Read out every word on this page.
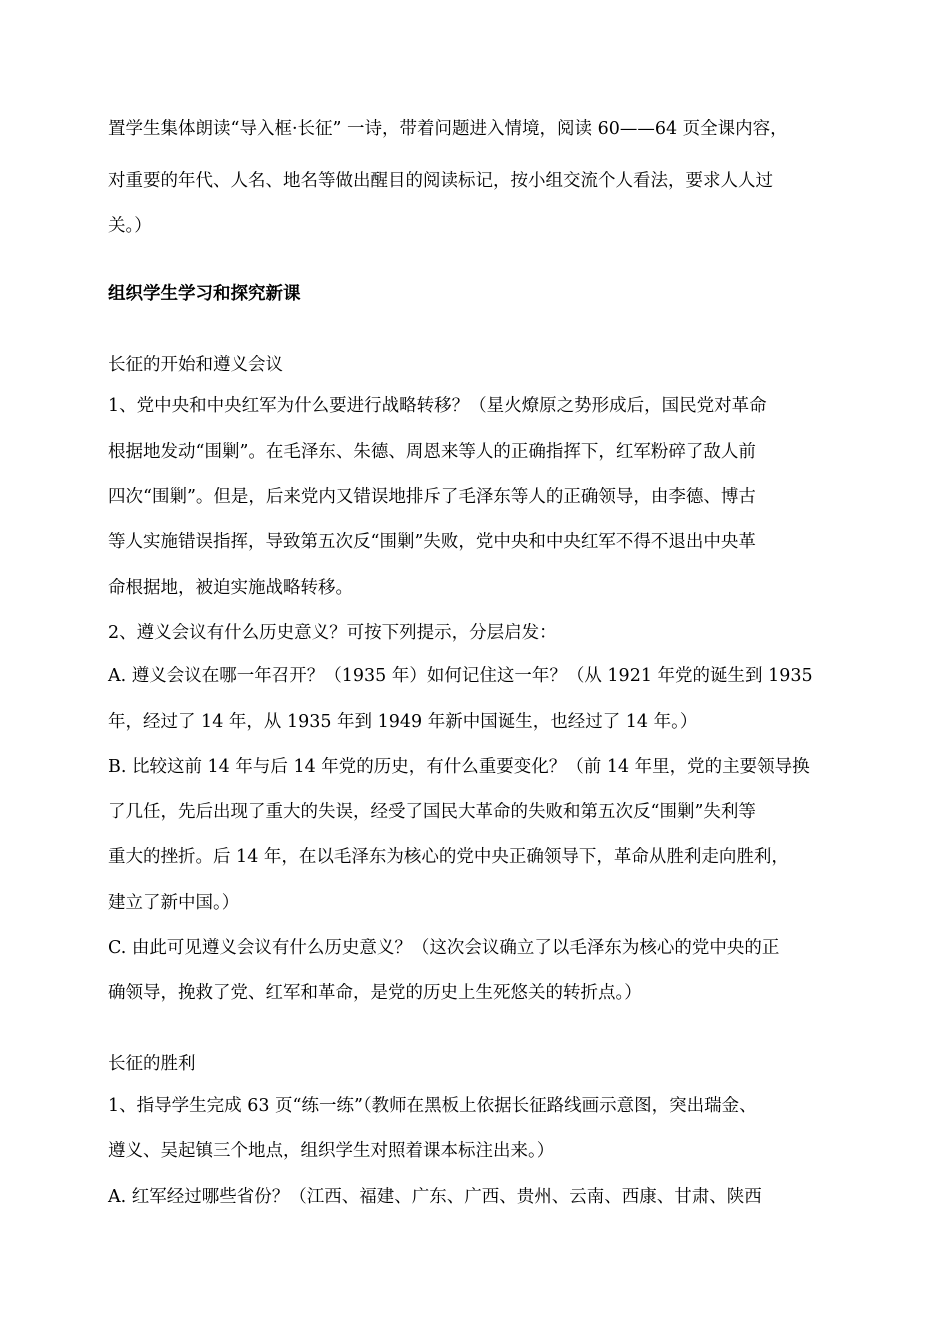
置学生集体朗读“导入框·长征” 一诗，带着问题进入情境，阅读 60——64 页全课内容，
对重要的年代、人名、地名等做出醒目的阅读标记，按小组交流个人看法，要求人人过
关。）
组织学生学习和探究新课
长征的开始和遵义会议
1、党中央和中央红军为什么要进行战略转移？（星火燎原之势形成后，国民党对革命
根据地发动“围剿”。在毛泽东、朱德、周恩来等人的正确指挥下，红军粉碎了敌人前
四次“围剿”。但是，后来党内又错误地排斥了毛泽东等人的正确领导，由李德、博古
等人实施错误指挥，导致第五次反“围剿”失败，党中央和中央红军不得不退出中央革
命根据地，被迫实施战略转移。
2、遵义会议有什么历史意义？可按下列提示，分层启发：
A. 遵义会议在哪一年召开？（1935 年）如何记住这一年？（从 1921 年党的诞生到 1935
年，经过了 14 年，从 1935 年到 1949 年新中国诞生，也经过了 14 年。）
B. 比较这前 14 年与后 14 年党的历史，有什么重要变化？（前 14 年里，党的主要领导换
了几任，先后出现了重大的失误，经受了国民大革命的失败和第五次反“围剿”失利等
重大的挫折。后 14 年，在以毛泽东为核心的党中央正确领导下，革命从胜利走向胜利，
建立了新中国。）
C. 由此可见遵义会议有什么历史意义？（这次会议确立了以毛泽东为核心的党中央的正
确领导，挽救了党、红军和革命，是党的历史上生死悠关的转折点。）
长征的胜利
1、指导学生完成 63 页“练一练”（教师在黑板上依据长征路线画示意图，突出瑞金、
遵义、吴起镇三个地点，组织学生对照着课本标注出来。）
A. 红军经过哪些省份？（江西、福建、广东、广西、贵州、云南、西康、甘肃、陕西
